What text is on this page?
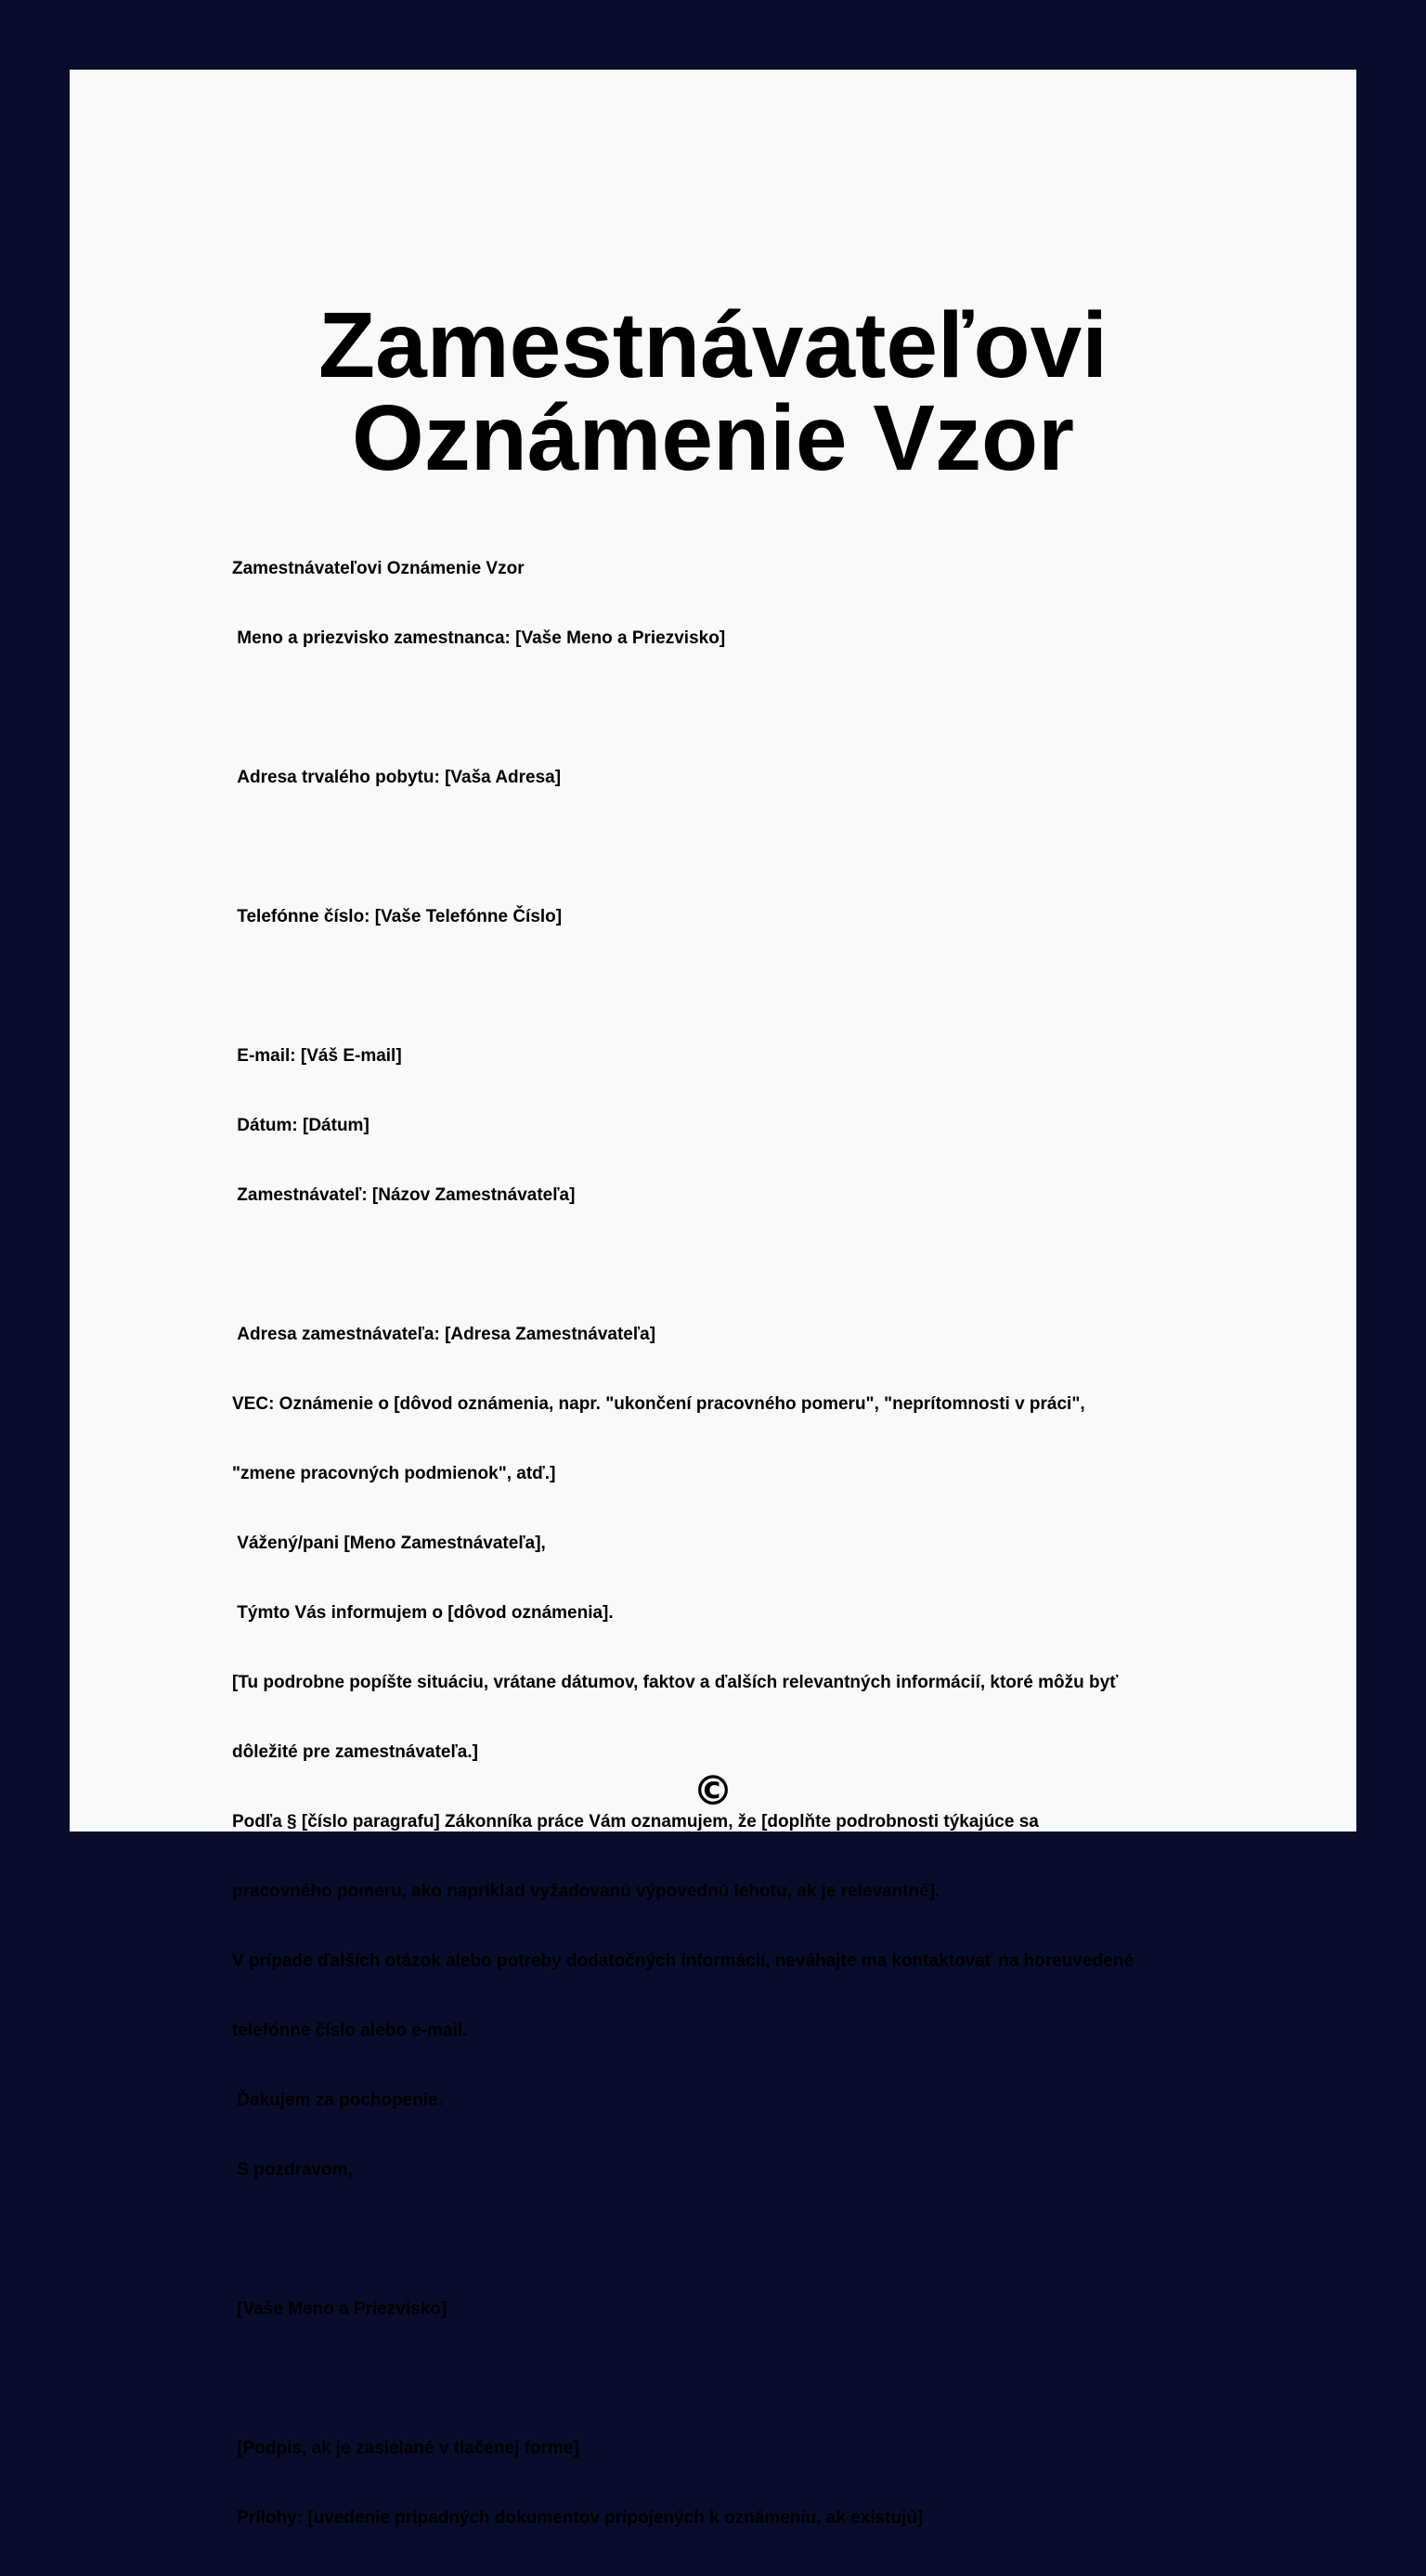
Zamestnávateľovi
Oznámenie Vzor

Zamestnávateľovi Oznámenie Vzor

Meno a priezvisko zamestnanca: [Vaše Meno a Priezvisko]

Adresa trvalého pobytu: [Vaša Adresa]

Telefónne číslo: [Vaše Telefónne Číslo]

E-mail: [Váš E-mail]

Dátum: [Dátum]

Zamestnávateľ: [Názov Zamestnávateľa]

Adresa zamestnávateľa: [Adresa Zamestnávateľa]

VEC: Oznámenie o [dôvod oznámenia, napr. "ukončení pracovného pomeru", "neprítomnosti v práci",

"zmene pracovných podmienok", atď.]

Vážený/pani [Meno Zamestnávateľa],

Týmto Vás informujem o [dôvod oznámenia].

[Tu podrobne popíšte situáciu, vrátane dátumov, faktov a ďalších relevantných informácií, ktoré môžu byť

dôležité pre zamestnávateľa.]

Podľa § [číslo paragrafu] Zákonníka práce Vám oznamujem, že [doplňte podrobnosti týkajúce sa

pracovného pomeru, ako napríklad vyžadovanú výpovednú lehotu, ak je relevantné].

V prípade ďalších otázok alebo potreby dodatočných informácií, neváhajte ma kontaktovať na horeuvedené

telefónne číslo alebo e-mail.

Ďakujem za pochopenie.

S pozdravom,

[Vaše Meno a Priezvisko]

[Podpis, ak je zasielané v tlačenej forme]

Prílohy: [uvedenie prípadných dokumentov pripojených k oznámeniu, ak existujú]

©
